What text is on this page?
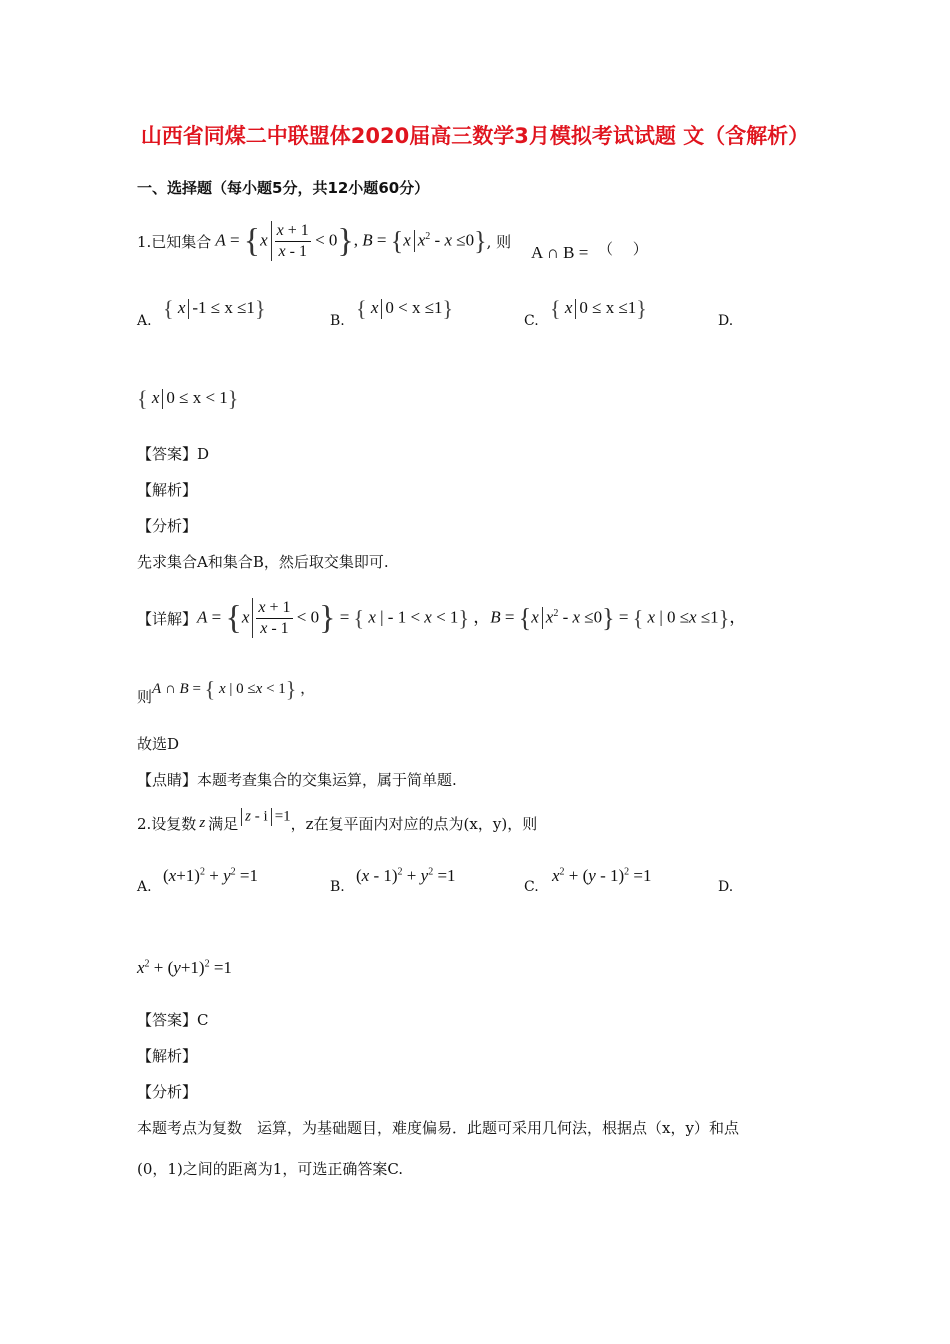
山西省同煤二中联盟体2020届高三数学3月模拟考试试题 文（含解析）
一、选择题（每小题5分，共12小题60分）
1.已知集合 $A = \{x \frac{x + 1}{x - 1} < 0\}$, B = {x $x^2 - x \le 0$} , 则
A ∩ B = （　 ）
A. { x -1 ≤ x ≤1}	B. { x 0 < x ≤1}	C. { x 0 ≤ x ≤1}	D.
{ x 0 ≤ x < 1}
【答案】D
【解析】
【分析】
先求集合A和集合B，然后取交集即可.
【详解】 $A = \{x \frac{x + 1}{x - 1} < 0\}$ = { x | - 1 < x < 1} ，B = {x $x^2 - x \le 0$} = { x | 0 ≤x ≤1}，
则 A ∩ B = { x | 0 ≤x < 1} ，
故选D
【点睛】本题考查集合的交集运算，属于简单题.
2.设复数 z 满足 z - i =1 ，z在复平面内对应的点为(x，y)，则
A.
$(x+1)^2 + y^2 =1$
B.
$(x - 1)^2 + y^2 =1$
C.
$x^2 + (y - 1)^2 =1$
D.
$x^2 + (y+1)^2 =1$
【答案】C
【解析】
【分析】
本题考点为复数　运算，为基础题目，难度偏易．此题可采用几何法，根据点（x，y）和点
(0，1)之间的距离为1，可选正确答案C.
